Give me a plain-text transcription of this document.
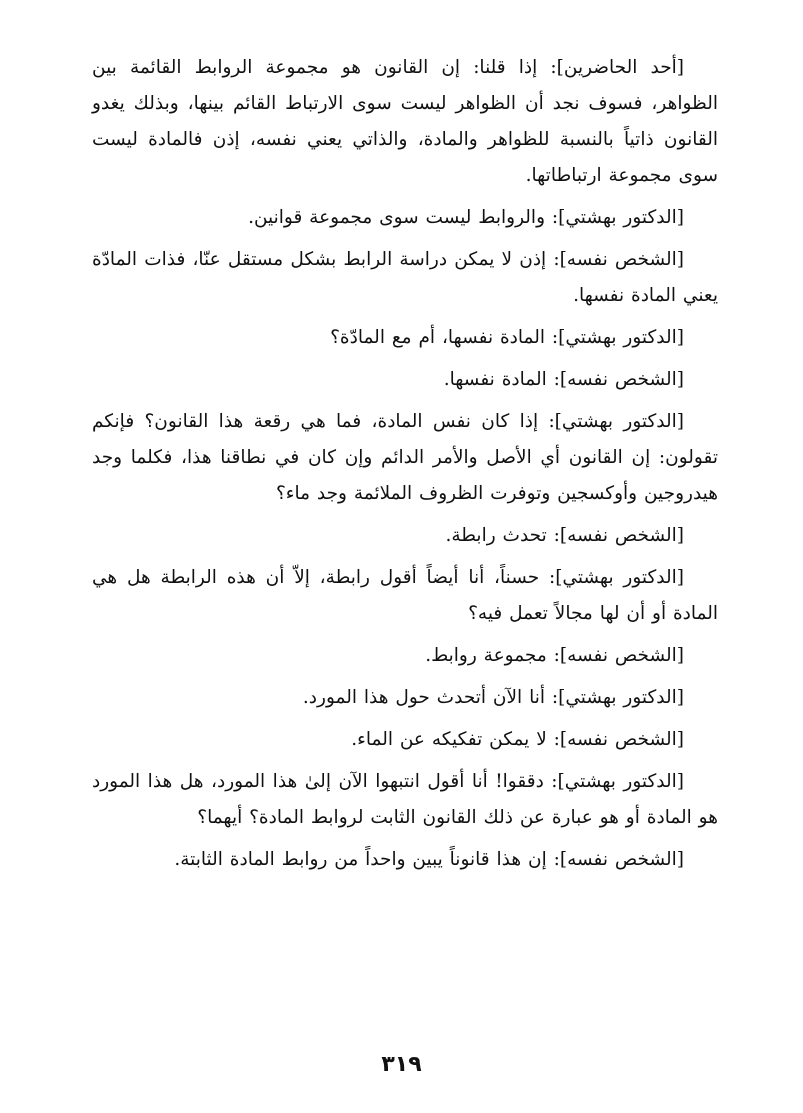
[أحد الحاضرين]: إذا قلنا: إن القانون هو مجموعة الروابط القائمة بين الظواهر، فسوف نجد أن الظواهر ليست سوى الارتباط القائم بينها، وبذلك يغدو القانون ذاتياً بالنسبة للظواهر والمادة، والذاتي يعني نفسه، إذن فالمادة ليست سوى مجموعة ارتباطاتها.

[الدكتور بهشتي]: والروابط ليست سوى مجموعة قوانين.

[الشخص نفسه]: إذن لا يمكن دراسة الرابط بشكل مستقل عنّا، فذات المادّة يعني المادة نفسها.

[الدكتور بهشتي]: المادة نفسها، أم مع المادّة؟

[الشخص نفسه]: المادة نفسها.

[الدكتور بهشتي]: إذا كان نفس المادة، فما هي رقعة هذا القانون؟ فإنكم تقولون: إن القانون أي الأصل والأمر الدائم وإن كان في نطاقنا هذا، فكلما وجد هيدروجين وأوكسجين وتوفرت الظروف الملائمة وجد ماء؟

[الشخص نفسه]: تحدث رابطة.

[الدكتور بهشتي]: حسناً، أنا أيضاً أقول رابطة، إلاّ أن هذه الرابطة هل هي المادة أو أن لها مجالاً تعمل فيه؟

[الشخص نفسه]: مجموعة روابط.

[الدكتور بهشتي]: أنا الآن أتحدث حول هذا المورد.

[الشخص نفسه]: لا يمكن تفكيكه عن الماء.

[الدكتور بهشتي]: دققوا! أنا أقول انتبهوا الآن إلىٰ هذا المورد، هل هذا المورد هو المادة أو هو عبارة عن ذلك القانون الثابت لروابط المادة؟ أيهما؟

[الشخص نفسه]: إن هذا قانوناً يبين واحداً من روابط المادة الثابتة.

٣١٩
